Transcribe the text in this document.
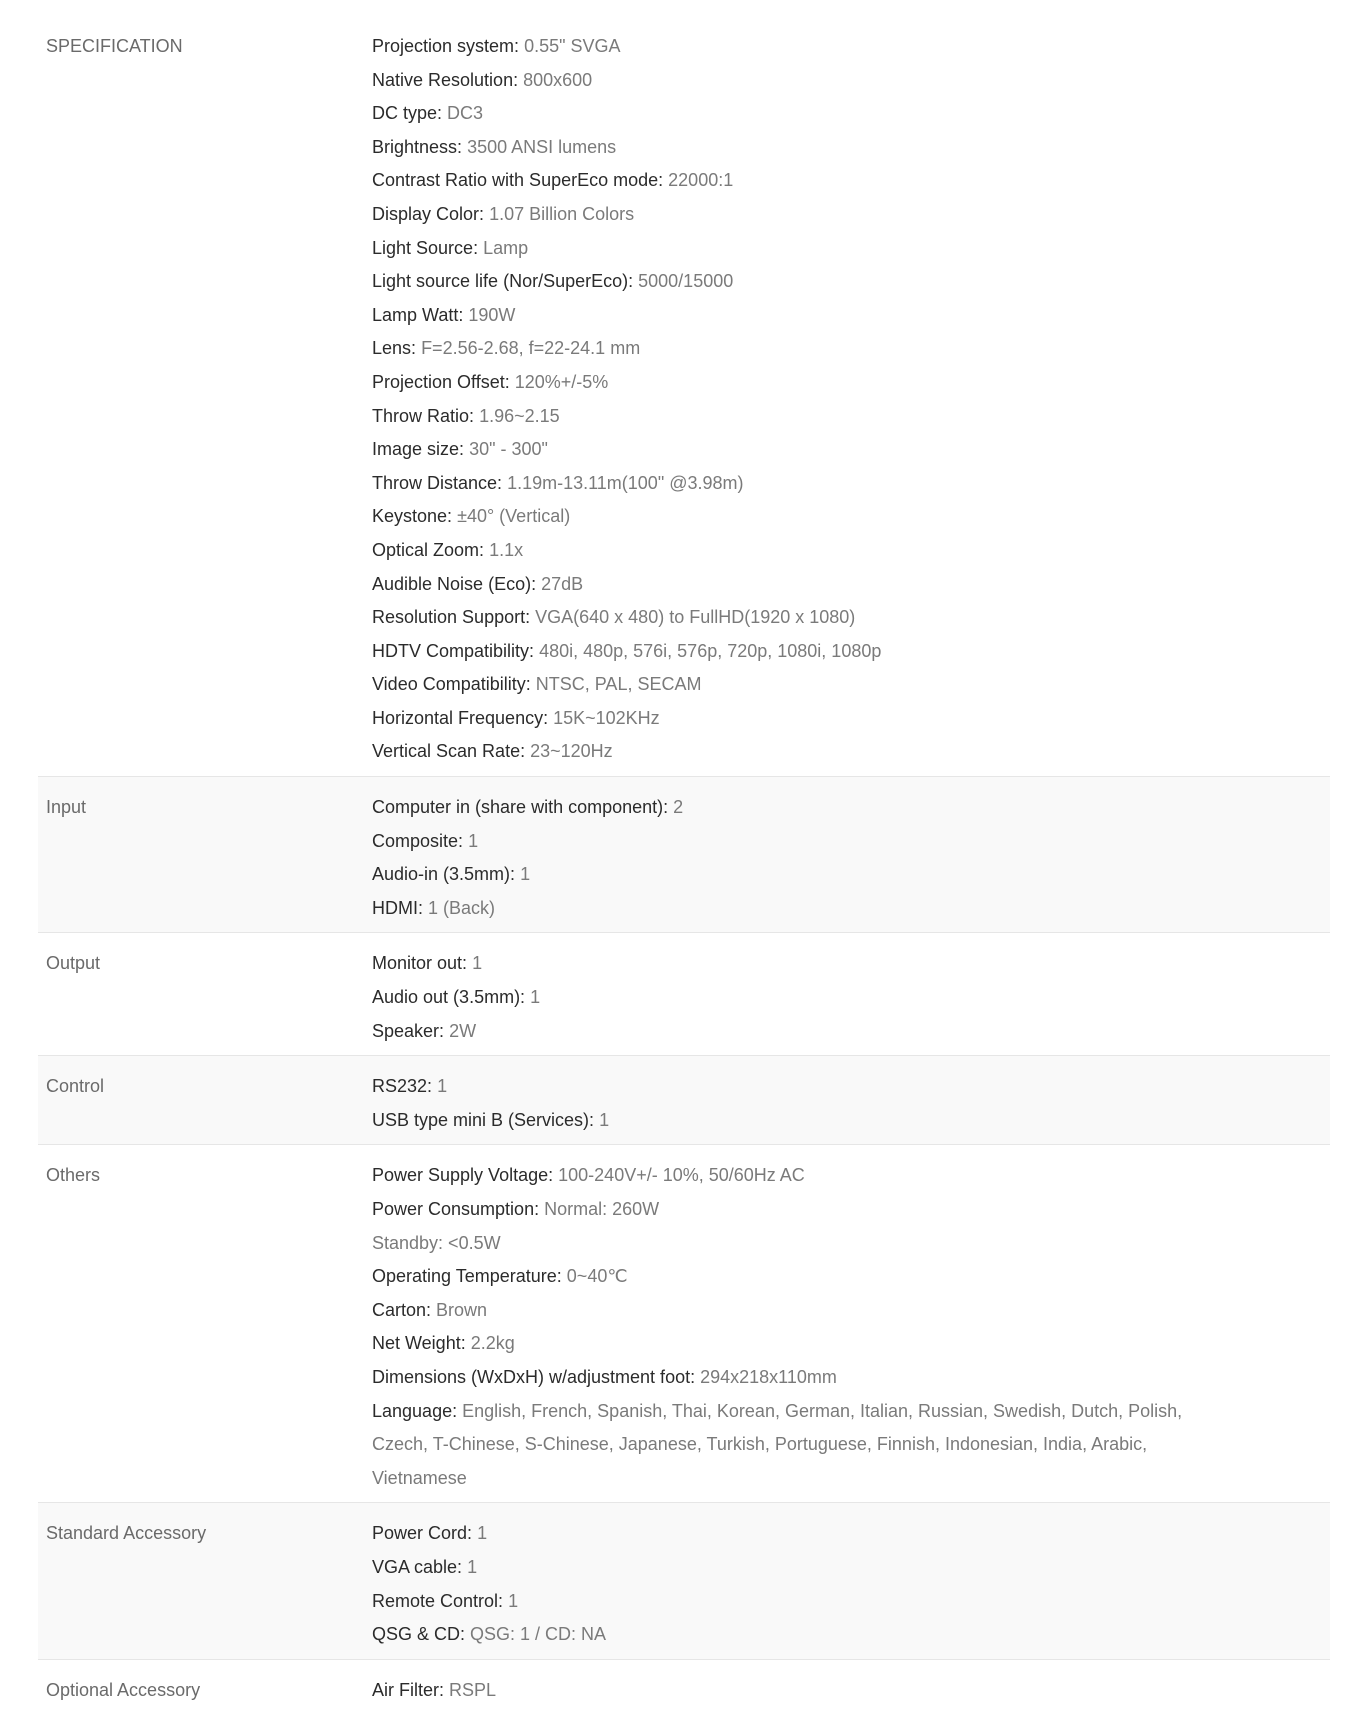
SPECIFICATION	Projection system: 0.55" SVGA
Native Resolution: 800x600
DC type: DC3
Brightness: 3500 ANSI lumens
Contrast Ratio with SuperEco mode: 22000:1
Display Color: 1.07 Billion Colors
Light Source: Lamp
Light source life (Nor/SuperEco): 5000/15000
Lamp Watt: 190W
Lens: F=2.56-2.68, f=22-24.1 mm
Projection Offset: 120%+/-5%
Throw Ratio: 1.96~2.15
Image size: 30" - 300"
Throw Distance: 1.19m-13.11m(100" @3.98m)
Keystone: ±40° (Vertical)
Optical Zoom: 1.1x
Audible Noise (Eco): 27dB
Resolution Support: VGA(640 x 480) to FullHD(1920 x 1080)
HDTV Compatibility: 480i, 480p, 576i, 576p, 720p, 1080i, 1080p
Video Compatibility: NTSC, PAL, SECAM
Horizontal Frequency: 15K~102KHz
Vertical Scan Rate: 23~120Hz
Input	Computer in (share with component): 2
Composite: 1
Audio-in (3.5mm): 1
HDMI: 1 (Back)
Output	Monitor out: 1
Audio out (3.5mm): 1
Speaker: 2W
Control	RS232: 1
USB type mini B (Services): 1
Others	Power Supply Voltage: 100-240V+/- 10%, 50/60Hz AC
Power Consumption: Normal: 260W
Standby: <0.5W
Operating Temperature: 0~40℃
Carton: Brown
Net Weight: 2.2kg
Dimensions (WxDxH) w/adjustment foot: 294x218x110mm
Language: English, French, Spanish, Thai, Korean, German, Italian, Russian, Swedish, Dutch, Polish, Czech, T-Chinese, S-Chinese, Japanese, Turkish, Portuguese, Finnish, Indonesian, India, Arabic, Vietnamese
Standard Accessory	Power Cord: 1
VGA cable: 1
Remote Control: 1
QSG & CD: QSG: 1 / CD: NA
Optional Accessory	Air Filter: RSPL
